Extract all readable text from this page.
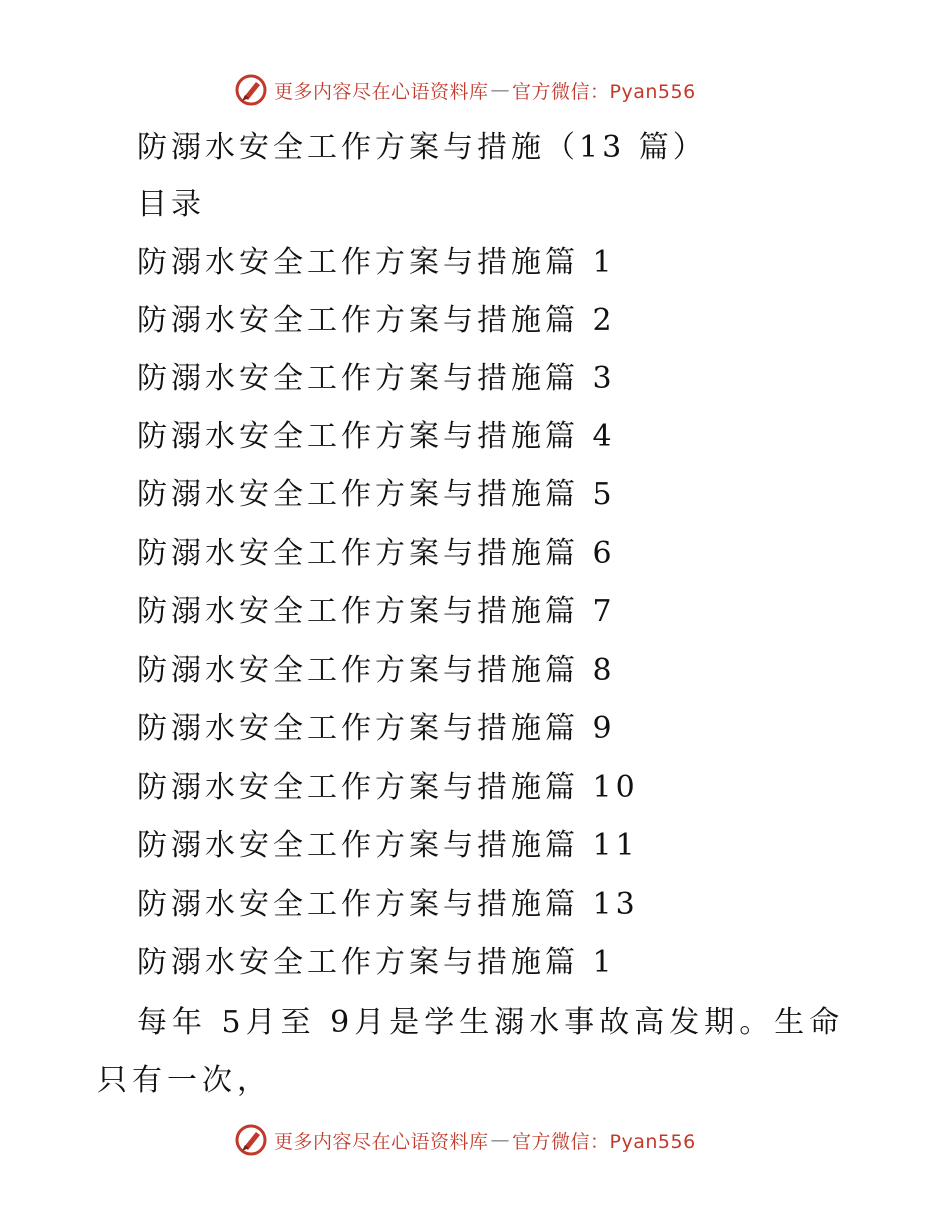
更多内容尽在心语资料库 — 官方微信：Pyan556
防溺水安全工作方案与措施（13 篇）
目录
防溺水安全工作方案与措施篇 1
防溺水安全工作方案与措施篇 2
防溺水安全工作方案与措施篇 3
防溺水安全工作方案与措施篇 4
防溺水安全工作方案与措施篇 5
防溺水安全工作方案与措施篇 6
防溺水安全工作方案与措施篇 7
防溺水安全工作方案与措施篇 8
防溺水安全工作方案与措施篇 9
防溺水安全工作方案与措施篇 10
防溺水安全工作方案与措施篇 11
防溺水安全工作方案与措施篇 13
防溺水安全工作方案与措施篇 1
每年 5月至 9月是学生溺水事故高发期。生命
只有一次，
更多内容尽在心语资料库 — 官方微信：Pyan556
